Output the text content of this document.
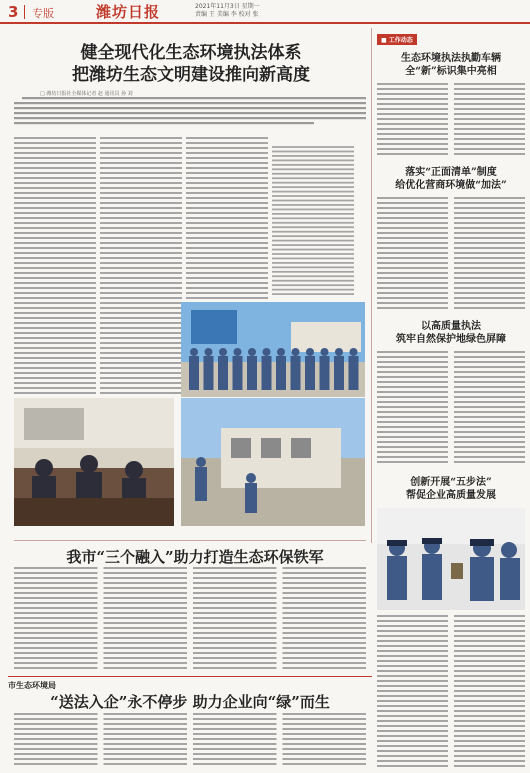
3 专版	潍坊日报	2021年11月3日 星期一
责编 王 美编 李 校对 张
健全现代化生态环境执法体系
把潍坊生态文明建设推向新高度
□ 潍坊日报社全媒体记者 赵 通讯员 孙 刘
■ 工作动态
生态环境执法执勤车辆
全“新”标识集中亮相
落实“正面清单”制度
给优化营商环境做“加法”
以高质量执法
筑牢自然保护地绿色屏障
创新开展“五步法”
帮促企业高质量发展
我市“三个融入”助力打造生态环保铁军
市生态环境局
“送法入企”永不停步 助力企业向“绿”而生
